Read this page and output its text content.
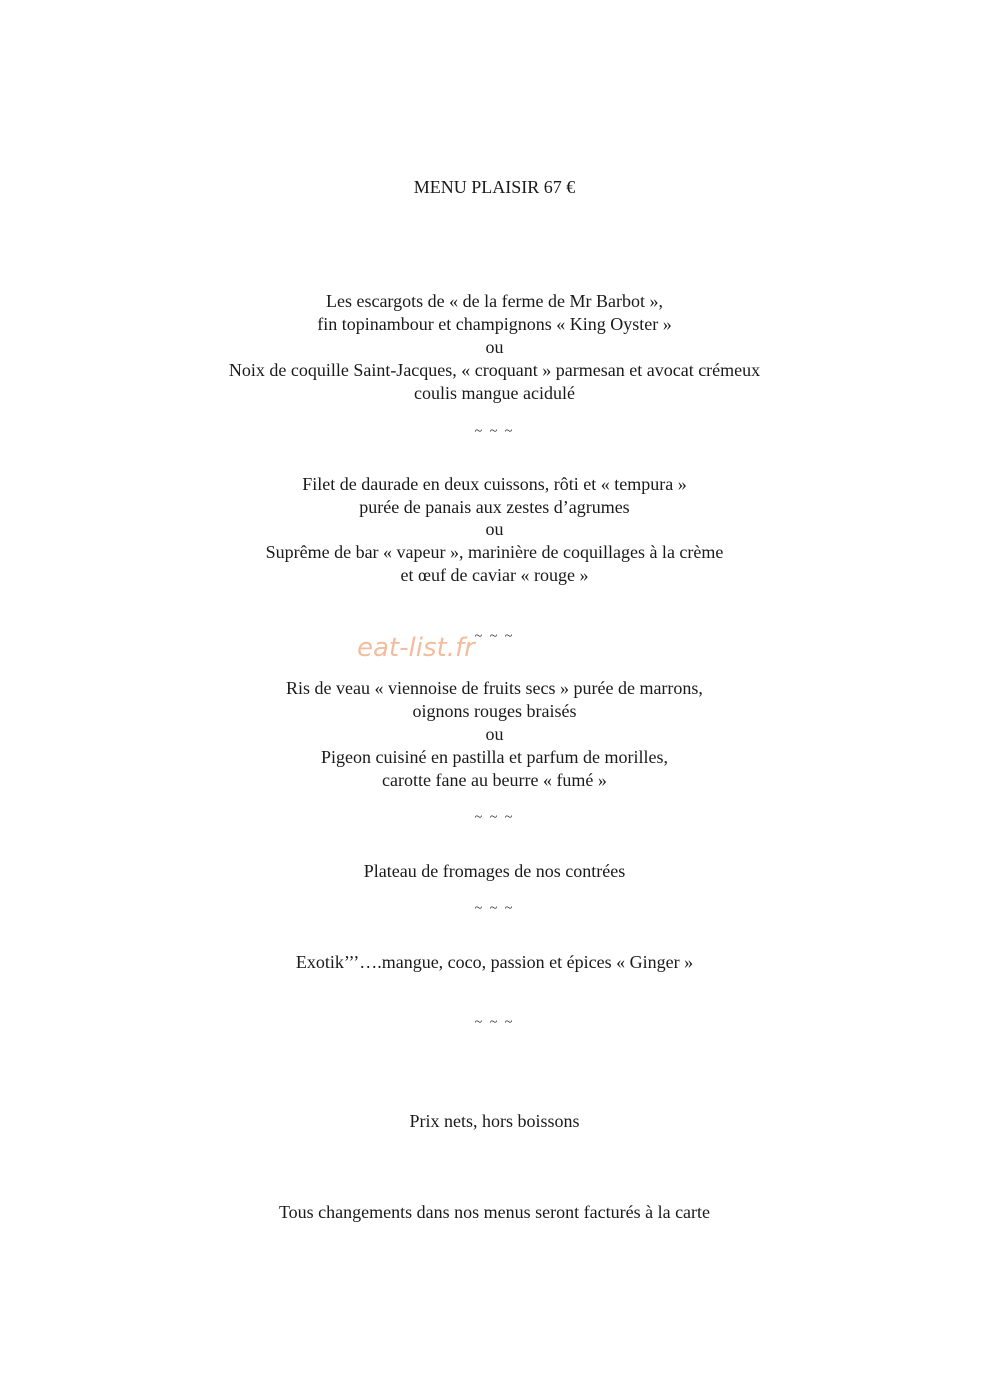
MENU PLAISIR 67 €
Les escargots de « de la ferme de Mr Barbot »,
fin topinambour et champignons « King Oyster »
ou
Noix de coquille Saint-Jacques, « croquant » parmesan et avocat crémeux
coulis mangue acidulé
~ ~ ~
Filet de daurade en deux cuissons, rôti et « tempura »
purée de panais aux zestes d’agrumes
ou
Suprême de bar « vapeur », marinière de coquillages à la crème
et œuf de caviar « rouge »
~ ~ ~
eat-list.fr
Ris de veau « viennoise de fruits secs » purée de marrons,
oignons rouges braisés
ou
Pigeon cuisiné en pastilla et parfum de morilles,
carotte fane au beurre « fumé »
~ ~ ~
Plateau de fromages de nos contrées
~ ~ ~
Exotik’’’….mangue, coco, passion et épices « Ginger »
~ ~ ~
Prix nets, hors boissons
Tous changements dans nos menus seront facturés à la carte
